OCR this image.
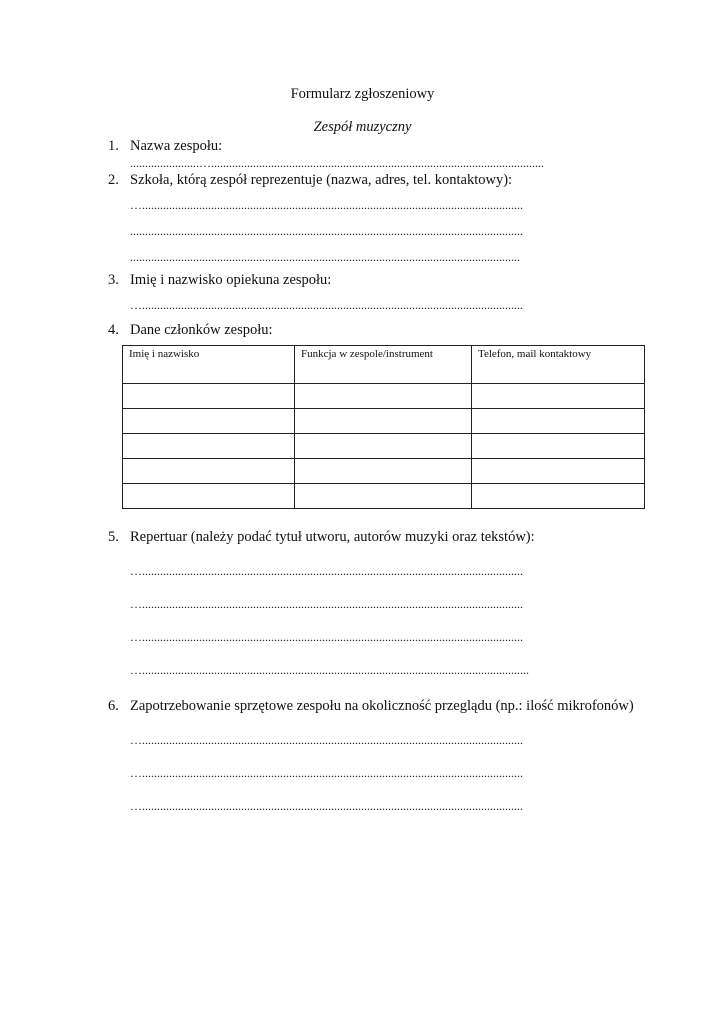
Formularz zgłoszeniowy
Zespół muzyczny
1. Nazwa zespołu:
.......................…...............................................................................................................
2. Szkoła, którą zespół reprezentuje (nazwa, adres, tel. kontaktowy):
…...............................................................................................................................
...................................................................................................................................
..................................................................................................................................
3. Imię i nazwisko opiekuna zespołu:
…...............................................................................................................................
4. Dane członków zespołu:
Imię i nazwisko	Funkcja w zespole/instrument	Telefon, mail kontaktowy

5. Repertuar (należy podać tytuł utworu, autorów muzyki oraz tekstów):
…...............................................................................................................................
…...............................................................................................................................
…...............................................................................................................................
….................................................................................................................................
6. Zapotrzebowanie sprzętowe zespołu na okoliczność przeglądu (np.: ilość mikrofonów)
…...............................................................................................................................
…...............................................................................................................................
…...............................................................................................................................
